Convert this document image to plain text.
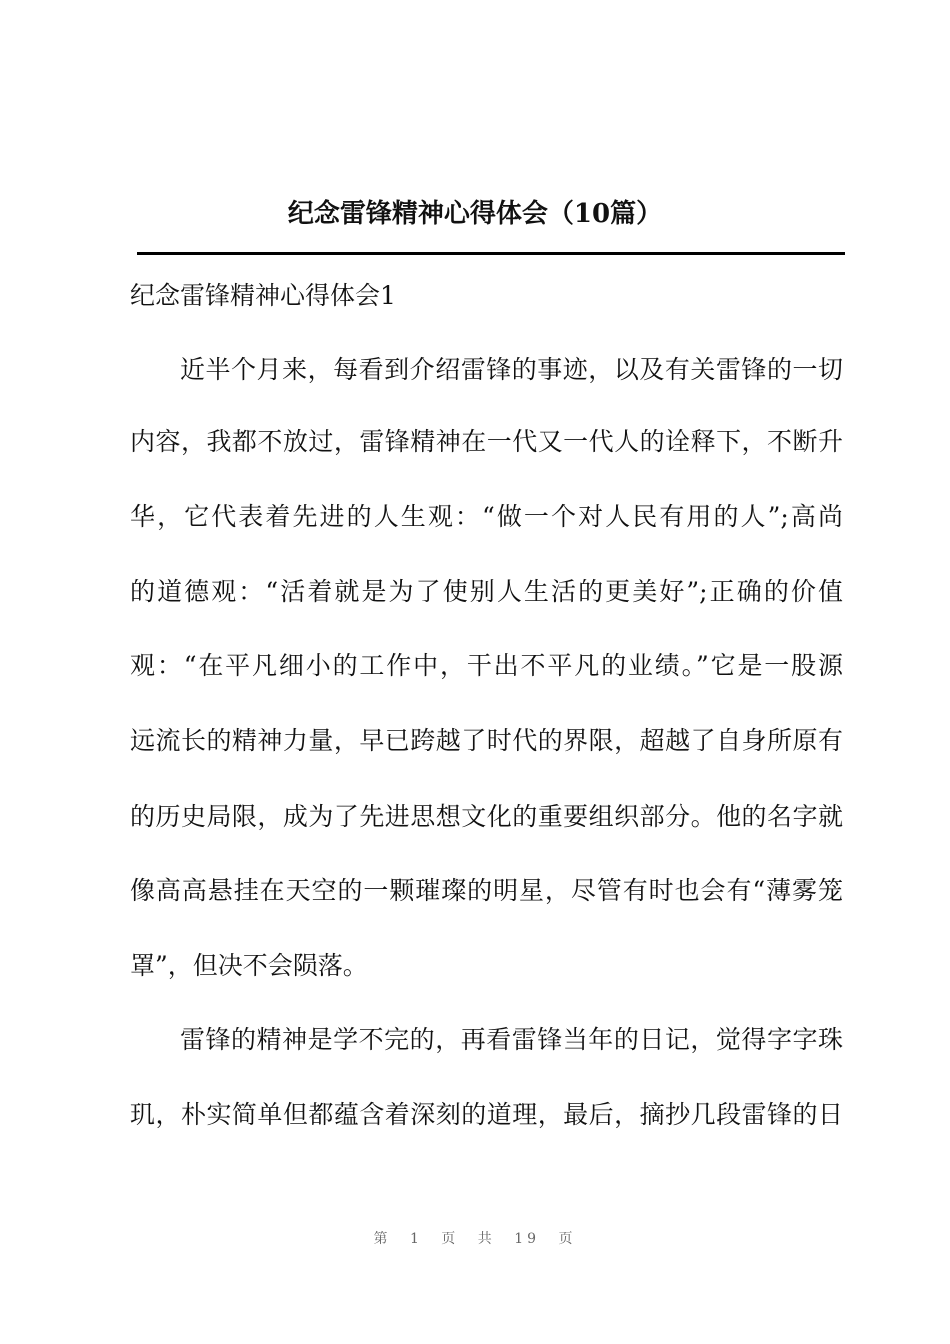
纪念雷锋精神心得体会（10篇）

纪念雷锋精神心得体会1

近半个月来，每看到介绍雷锋的事迹，以及有关雷锋的一切

内容，我都不放过，雷锋精神在一代又一代人的诠释下，不断升

华，它代表着先进的人生观：“做一个对人民有用的人”;高尚

的道德观：“活着就是为了使别人生活的更美好”;正确的价值

观：“在平凡细小的工作中，干出不平凡的业绩。”它是一股源

远流长的精神力量，早已跨越了时代的界限，超越了自身所原有

的历史局限，成为了先进思想文化的重要组织部分。他的名字就

像高高悬挂在天空的一颗璀璨的明星，尽管有时也会有“薄雾笼

罩”，但决不会陨落。

雷锋的精神是学不完的，再看雷锋当年的日记，觉得字字珠

玑，朴实简单但都蕴含着深刻的道理，最后，摘抄几段雷锋的日

第 1 页 共 19 页
